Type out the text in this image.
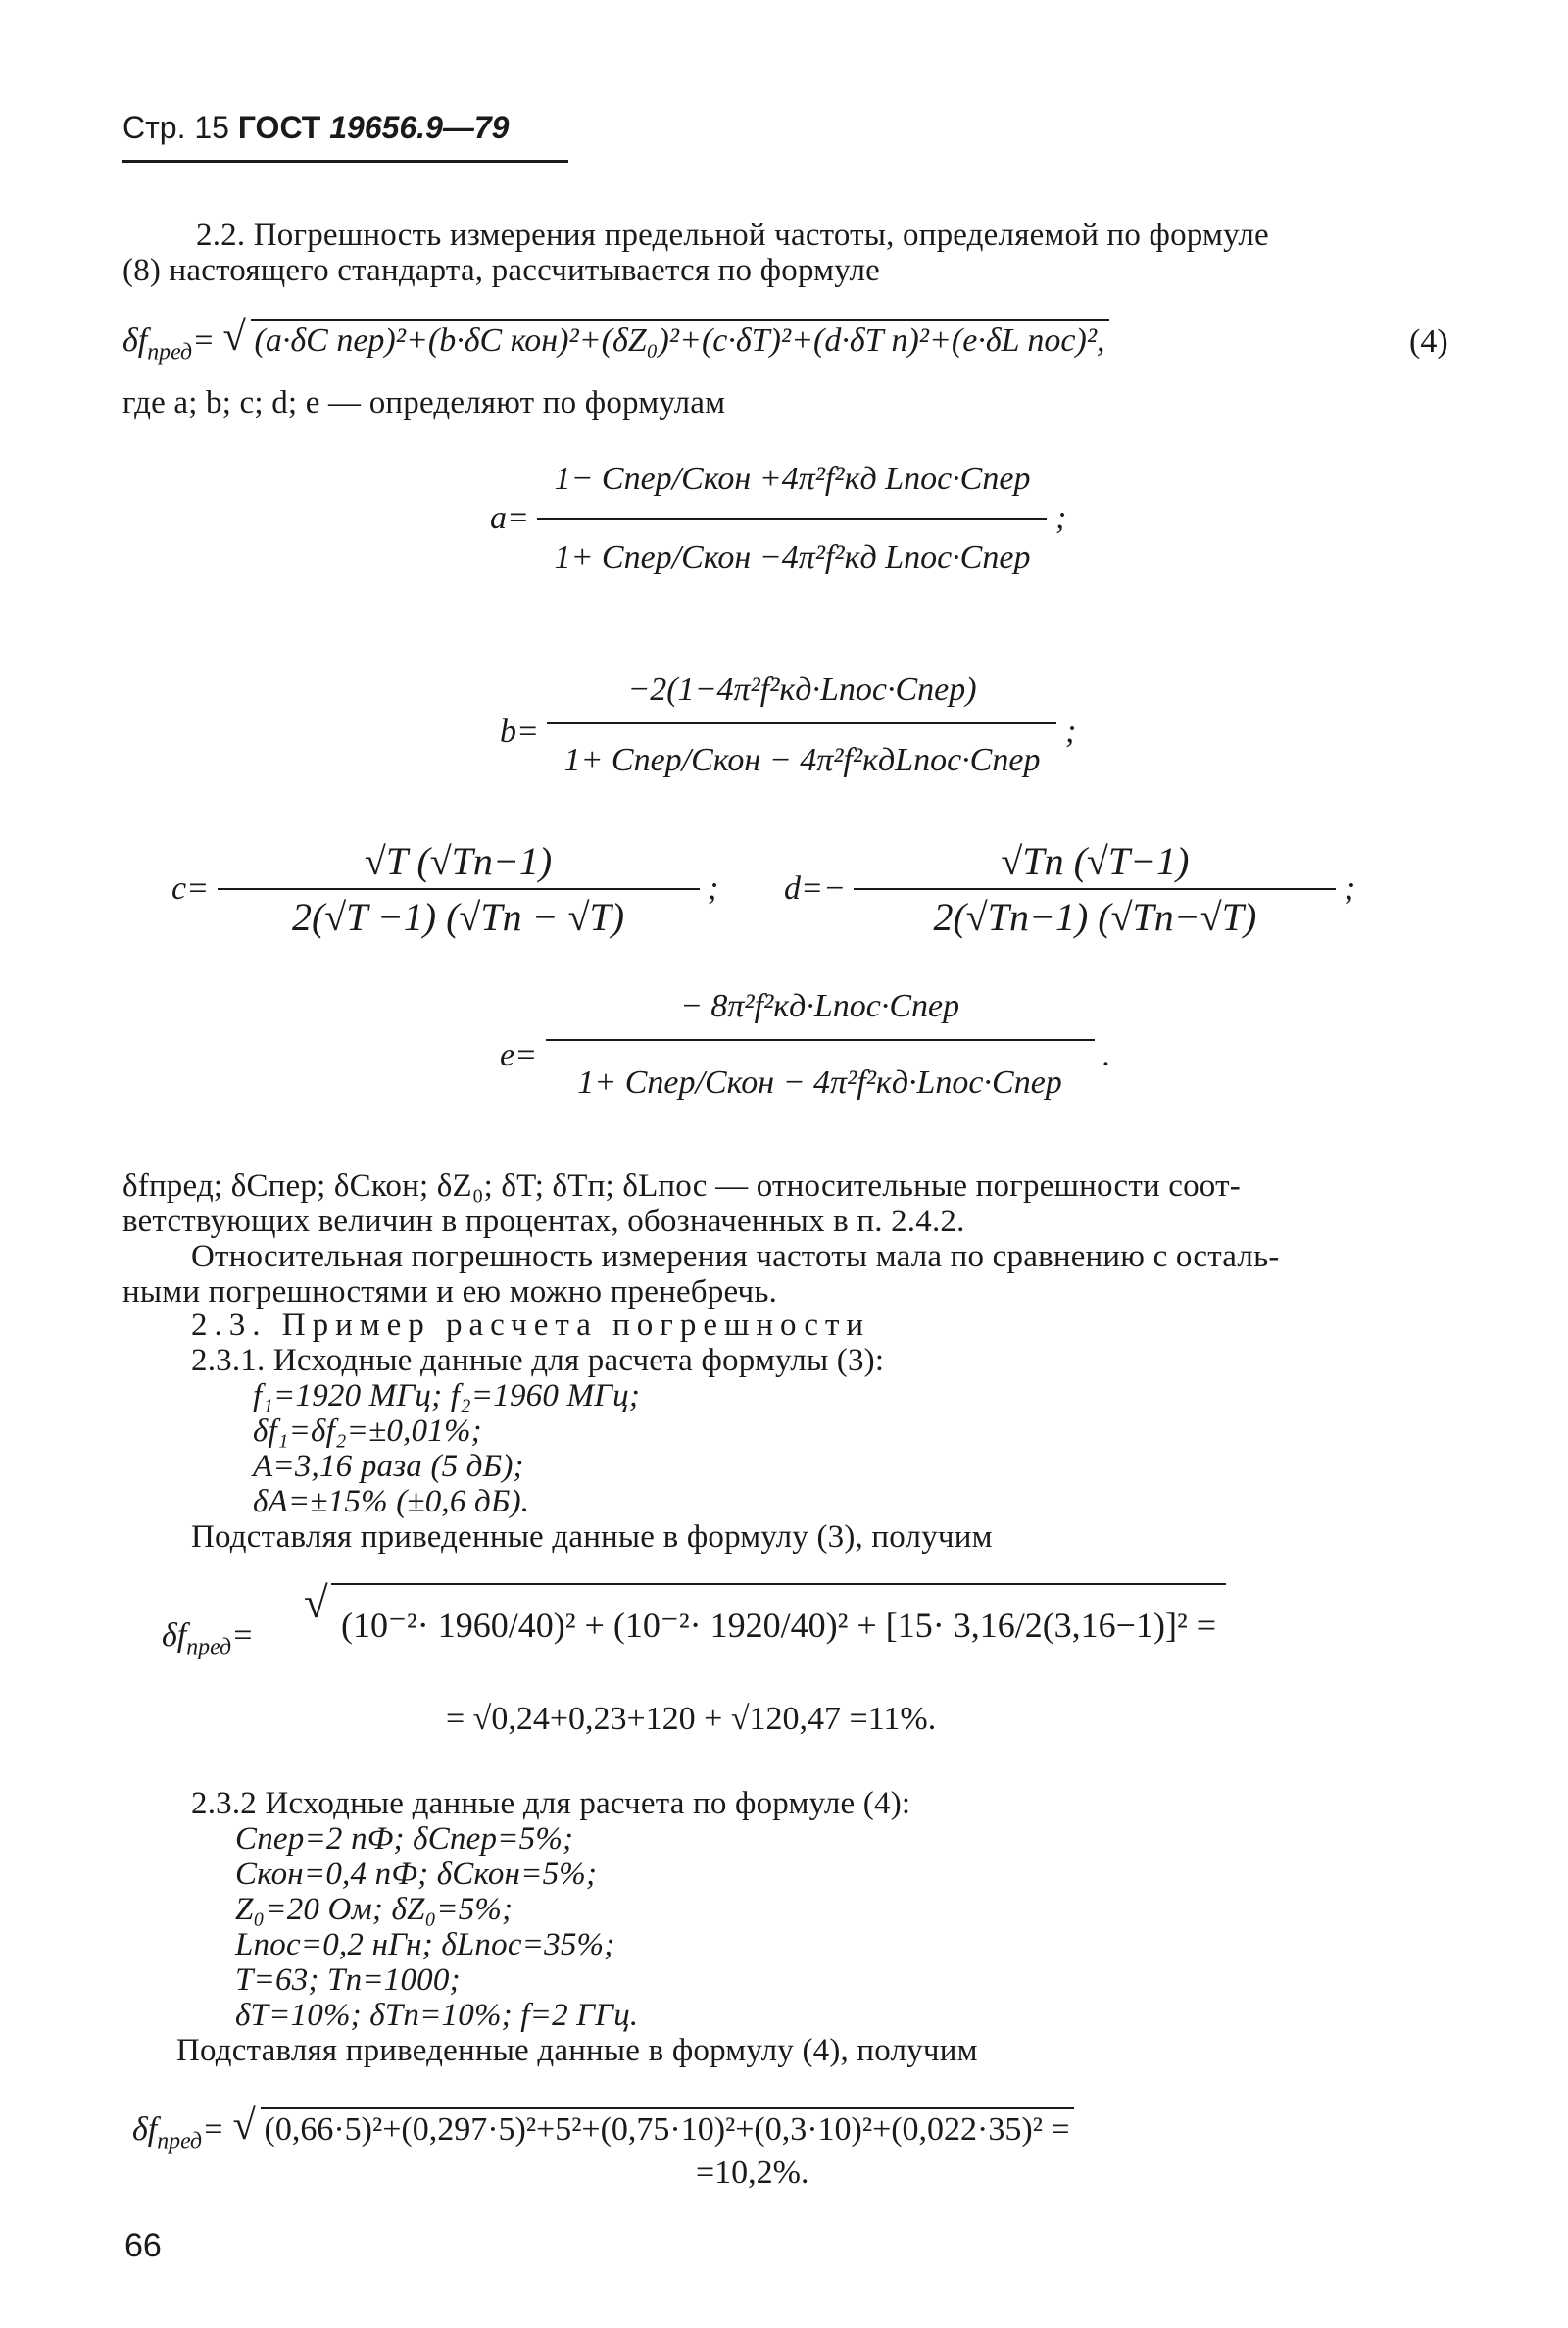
Стр. 15 ГОСТ 19656.9—79
2.2. Погрешность измерения предельной частоты, определяемой по формуле
(8) настоящего стандарта, рассчитывается по формуле
$\delta f_{пред}=$ √ (a·δC пер)²+(b·δC кон)²+(δZ₀)²+(c·δT)²+(d·δT п)²+(e·δL пос)²,	(4)
где a; b; c; d; e — определяют по формулам
$a= \frac{\text{1− Cпер/Cкон +4π²f²кд Lпос·Cпер}}{\text{1+ Cпер/Cкон −4π²f²кд Lпос·Cпер}}$ ;
$b= \frac{\text{−2(1−4π²f²кд·Lпос·Cпер)}}{\text{1+ Cпер/Cкон − 4π²f²кдLпос·Cпер}}$ ;
$c= \frac{√T (√Tп-1)}{2(√T -1) (√Tп - √T)}$ ; $d=- \frac{√Tп (√T-1)}{2(√Tп-1) (√Tп-√T)}$ ;
$e= \frac{\text{− 8π²f²кд·Lпос·Cпер}}{\text{1+ Cпер/Cкон − 4π²f²кд·Lпос·Cпер}}$ .
δfпред; δCпер; δCкон; δZ₀; δT; δTп; δLпос — относительные погрешности соот-
ветствующих величин в процентах, обозначенных в п. 2.4.2.
Относительная погрешность измерения частоты мала по сравнению с осталь-
ными погрешностями и ею можно пренебречь.
2.3. Пример расчета погрешности
2.3.1. Исходные данные для расчета формулы (3):
f₁=1920 МГц; f₂=1960 МГц;
δf₁=δf₂=±0,01%;
A=3,16 раза (5 дБ);
δA=±15% (±0,6 дБ).
Подставляя приведенные данные в формулу (3), получим
$\delta f_{пред}=$
√	(10⁻²· 1960/40)² + (10⁻²· 1920/40)² + [15· 3,16/2(3,16−1)]² =
= √0,24+0,23+120 + √120,47 =11%.
2.3.2 Исходные данные для расчета по формуле (4):
Cпер=2 пФ; δCпер=5%;
Cкон=0,4 пФ; δCкон=5%;
Z₀=20 Ом; δZ₀=5%;
Lпос=0,2 нГн; δLпос=35%;
T=63; Tп=1000;
δT=10%; δTп=10%; f=2 ГГц.
Подставляя приведенные данные в формулу (4), получим
$\delta f_{пред}=$ √ (0,66·5)²+(0,297·5)²+5²+(0,75·10)²+(0,3·10)²+(0,022·35)² =
=10,2%.
66
